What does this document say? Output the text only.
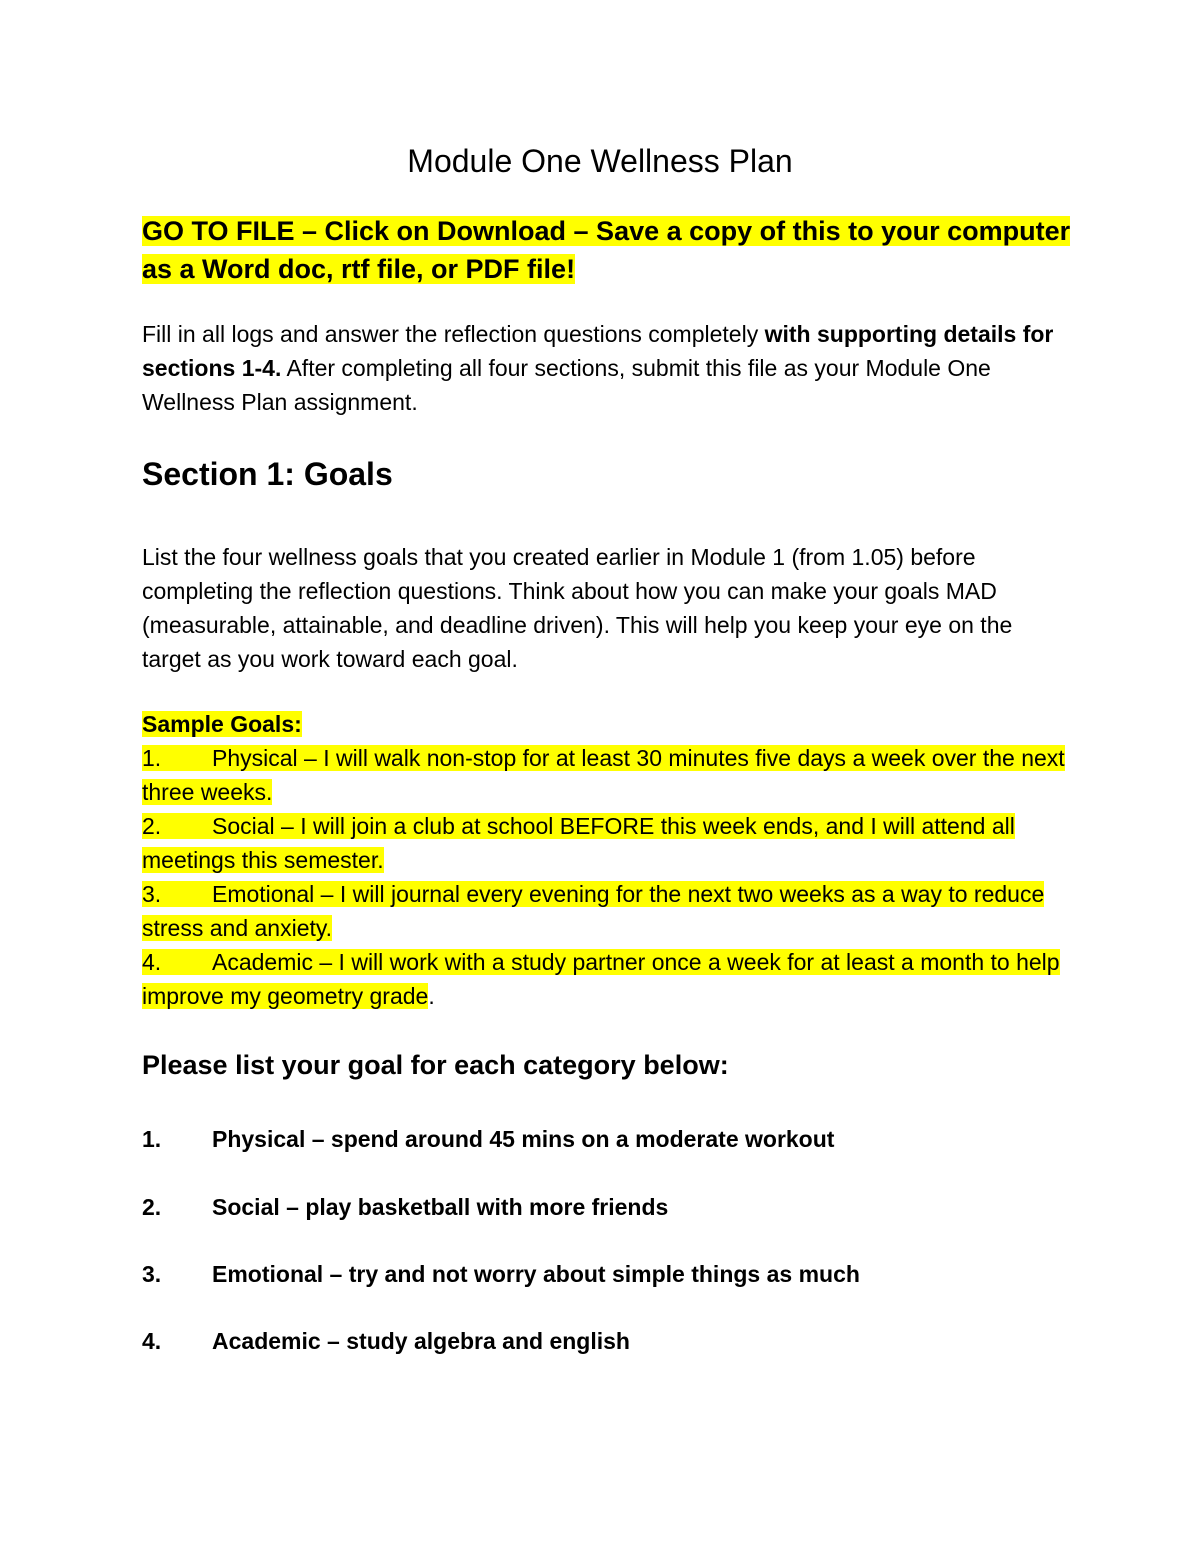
Module One Wellness Plan
GO TO FILE – Click on Download – Save a copy of this to your computer as a Word doc, rtf file, or PDF file!

Fill in all logs and answer the reflection questions completely with supporting details for sections 1-4. After completing all four sections, submit this file as your Module One Wellness Plan assignment.

Section 1: Goals

List the four wellness goals that you created earlier in Module 1 (from 1.05) before completing the reflection questions. Think about how you can make your goals MAD (measurable, attainable, and deadline driven). This will help you keep your eye on the target as you work toward each goal.

Sample Goals:
1. Physical – I will walk non-stop for at least 30 minutes five days a week over the next three weeks.
2. Social – I will join a club at school BEFORE this week ends, and I will attend all meetings this semester.
3. Emotional – I will journal every evening for the next two weeks as a way to reduce stress and anxiety.
4. Academic – I will work with a study partner once a week for at least a month to help improve my geometry grade.
Please list your goal for each category below:
1. Physical – spend around 45 mins on a moderate workout
2. Social – play basketball with more friends
3. Emotional – try and not worry about simple things as much
4. Academic – study algebra and english
